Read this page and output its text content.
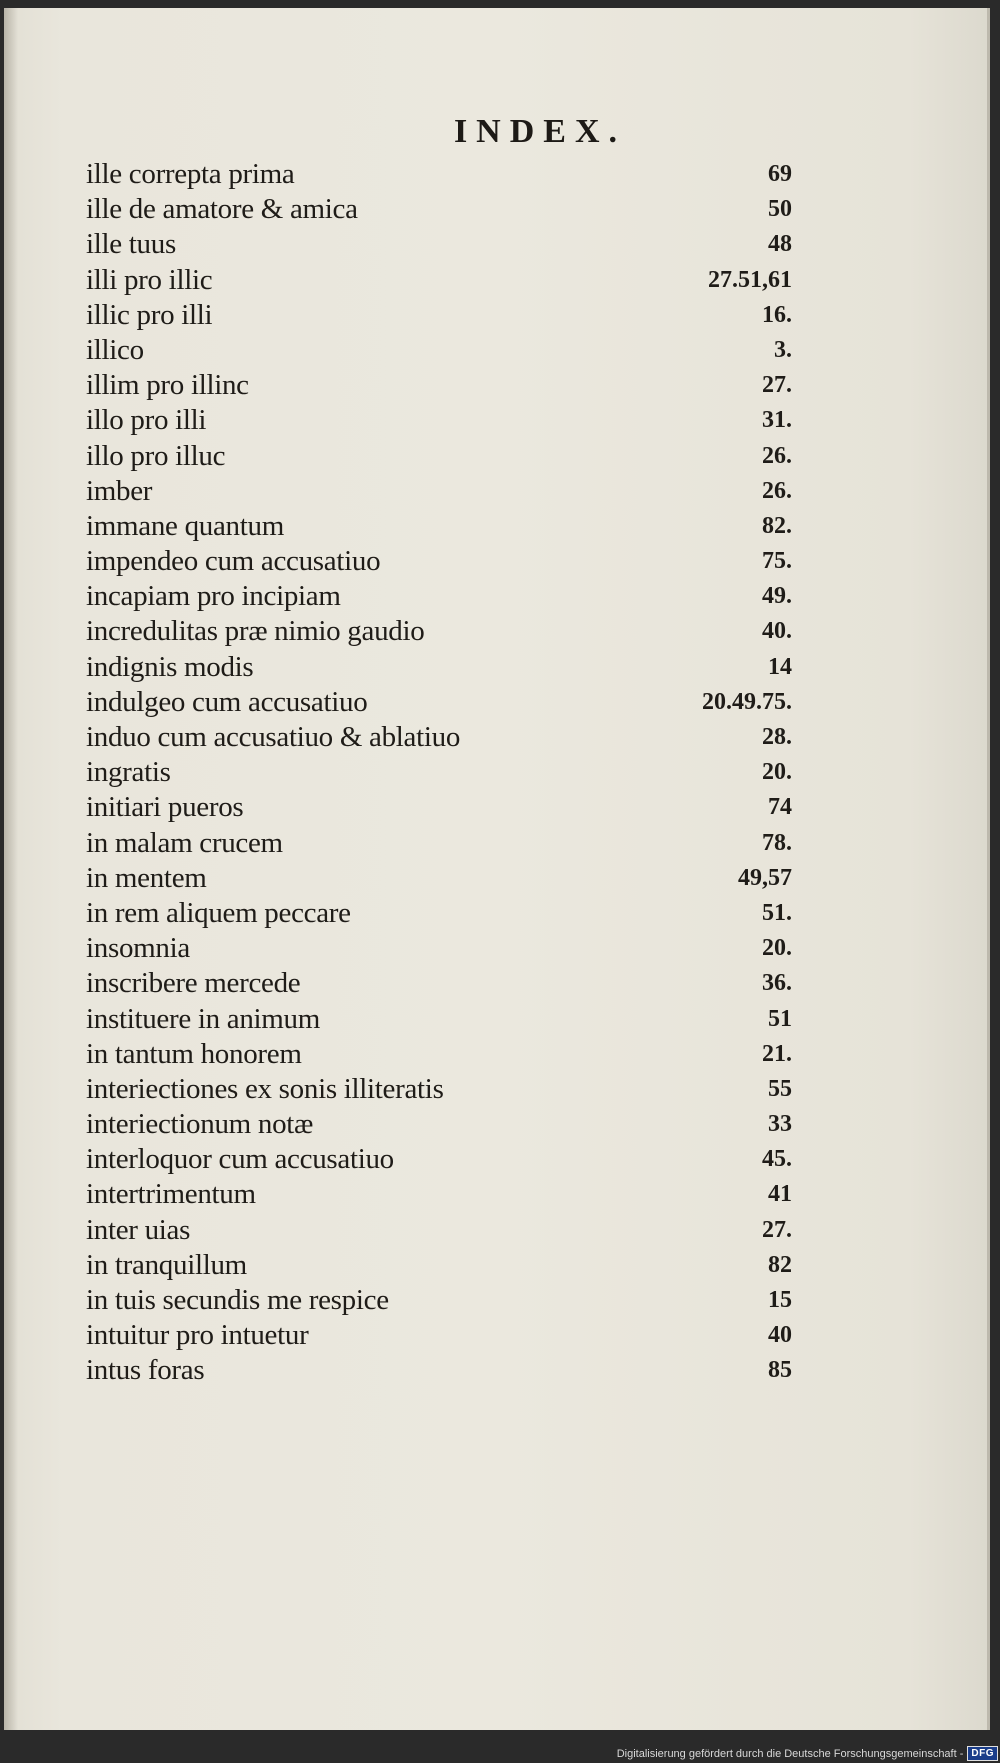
INDEX.
ille correpta prima	69
ille de amatore & amica	50
ille tuus	48
illi pro illic	27.51,61
illic pro illi	16.
illico	3.
illim pro illinc	27.
illo pro illi	31.
illo pro illuc	26.
imber	26.
immane quantum	82.
impendeo cum accusatiuo	75.
incapiam pro incipiam	49.
incredulitas præ nimio gaudio	40.
indignis modis	14
indulgeo cum accusatiuo	20.49.75.
induo cum accusatiuo & ablatiuo	28.
ingratis	20.
initiari pueros	74
in malam crucem	78.
in mentem	49,57
in rem aliquem peccare	51.
insomnia	20.
inscribere mercede	36.
instituere in animum	51
in tantum honorem	21.
interiectiones ex sonis illiteratis	55
interiectionum notæ	33
interloquor cum accusatiuo	45.
intertrimentum	41
inter uias	27.
in tranquillum	82
in tuis secundis me respice	15
intuitur pro intuetur	40
intus foras	85
Digitalisierung gefördert durch die Deutsche Forschungsgemeinschaft - DFG
